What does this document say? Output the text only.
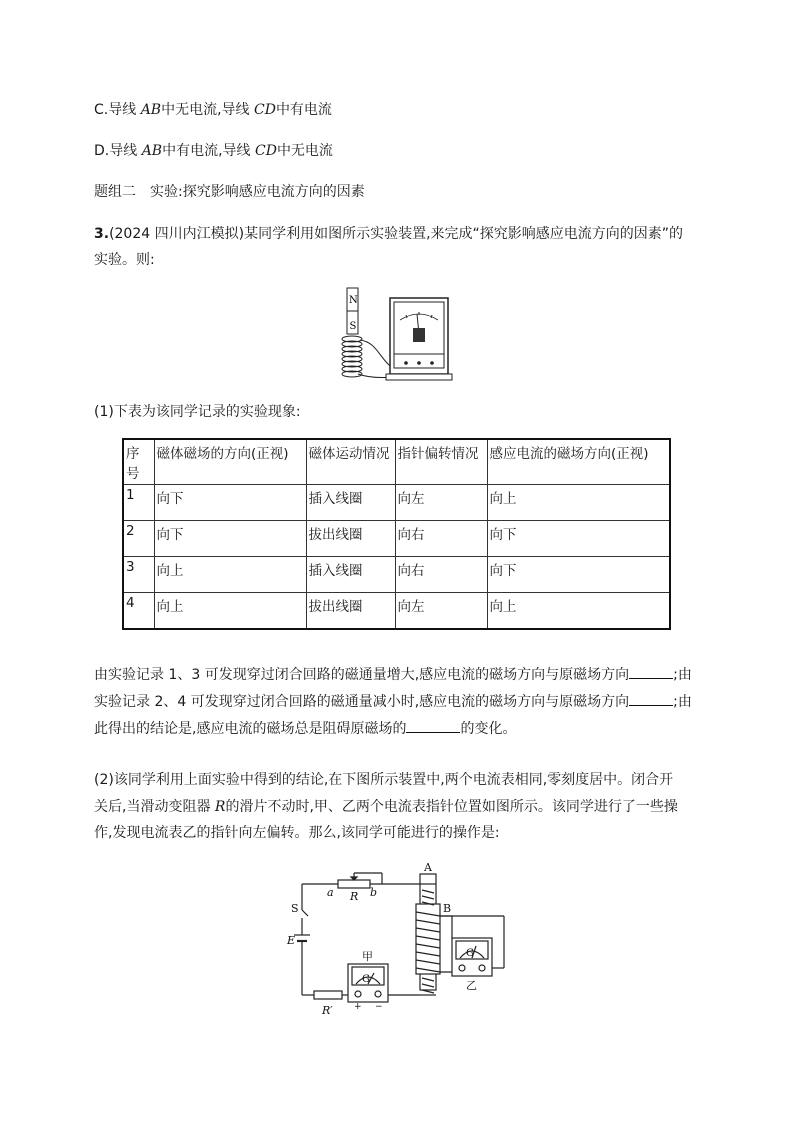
C.导线 AB中无电流,导线 CD中有电流
D.导线 AB中有电流,导线 CD中无电流
题组二　实验:探究影响感应电流方向的因素
3.(2024 四川内江模拟)某同学利用如图所示实验装置,来完成“探究影响感应电流方向的因素”的
实验。则:
N
S
(1)下表为该同学记录的实验现象:
序号	磁体磁场的方向(正视)	磁体运动情况	指针偏转情况	感应电流的磁场方向(正视)
1	向下	插入线圈	向左	向上
2	向下	拔出线圈	向右	向下
3	向上	插入线圈	向右	向下
4	向上	拔出线圈	向左	向上
由实验记录 1、3 可发现穿过闭合回路的磁通量增大,感应电流的磁场方向与原磁场方向	;由
实验记录 2、4 可发现穿过闭合回路的磁通量减小时,感应电流的磁场方向与原磁场方向	;由
此得出的结论是,感应电流的磁场总是阻碍原磁场的	的变化。
(2)该同学利用上面实验中得到的结论,在下图所示装置中,两个电流表相同,零刻度居中。闭合开
关后,当滑动变阻器 R的滑片不动时,甲、乙两个电流表指针位置如图所示。该同学进行了一些操
作,发现电流表乙的指针向左偏转。那么,该同学可能进行的操作是:
a R b
A
B
S
E
甲
乙
G
G
R′ + −
